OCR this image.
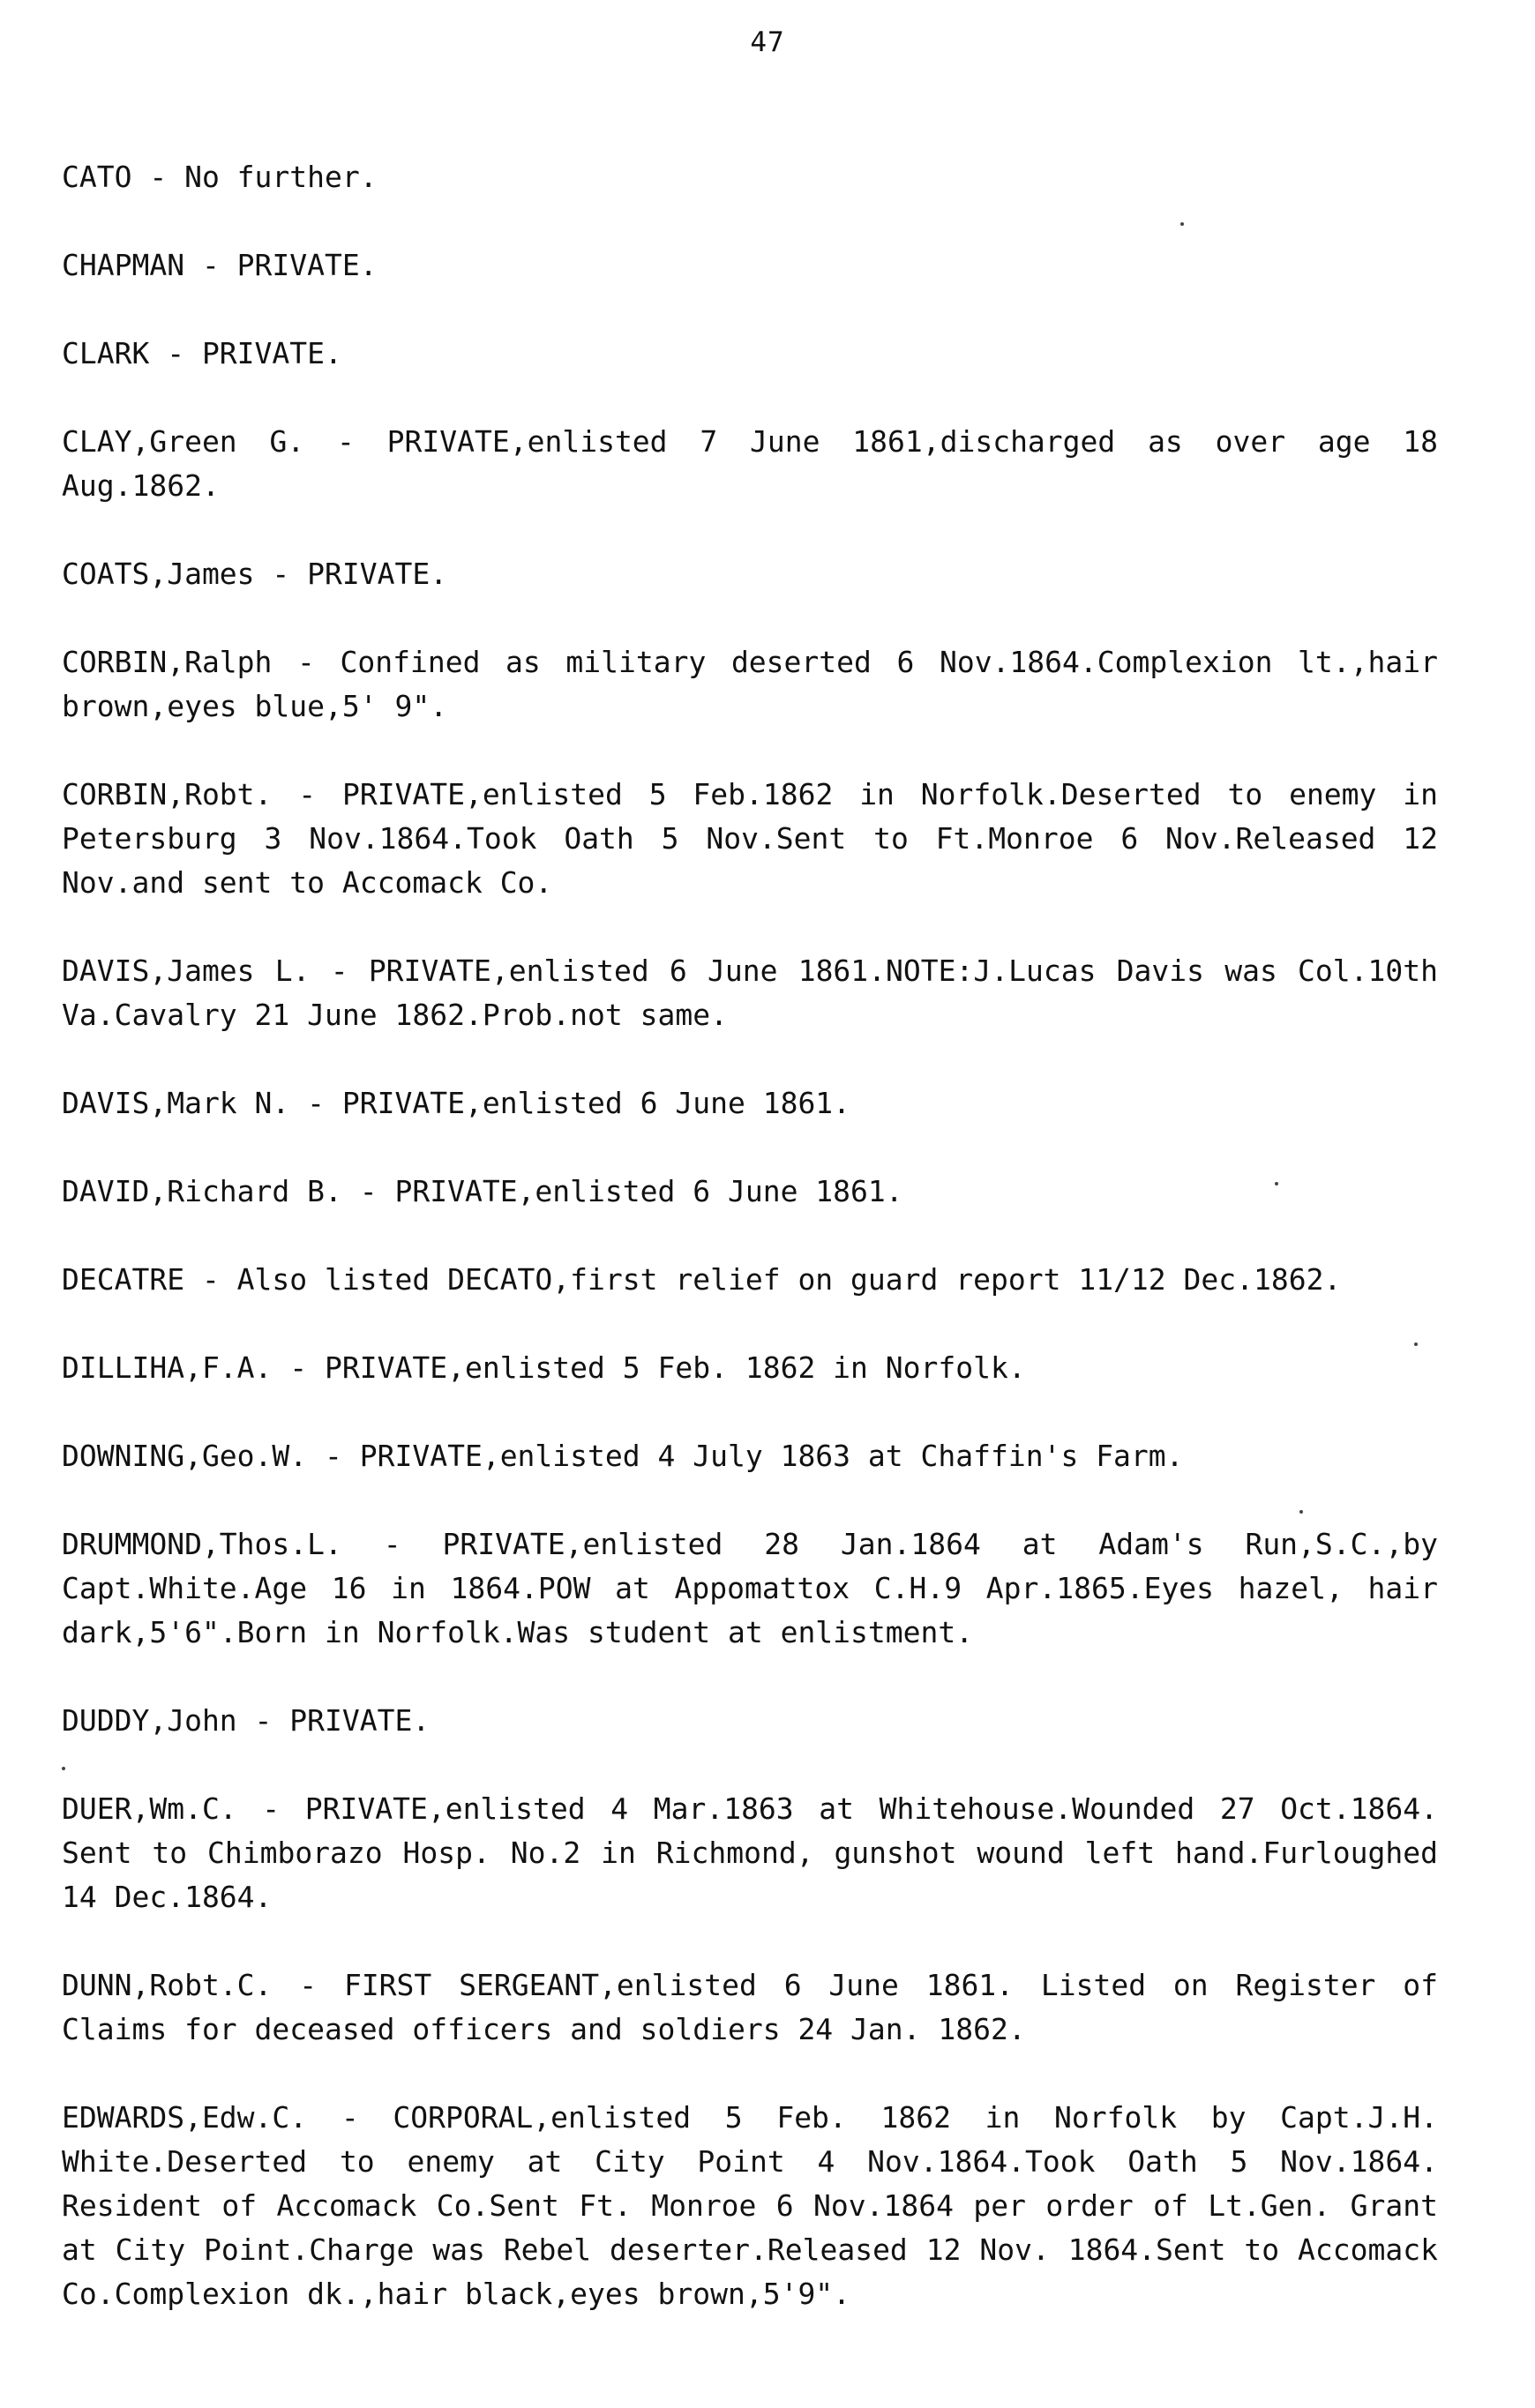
47

CATO - No further.

CHAPMAN - PRIVATE.

CLARK - PRIVATE.

CLAY,Green G. - PRIVATE,enlisted 7 June 1861,discharged as over age 18 Aug.1862.

COATS,James - PRIVATE.

CORBIN,Ralph - Confined as military deserted 6 Nov.1864.Complexion lt.,hair brown,eyes blue,5' 9".

CORBIN,Robt. - PRIVATE,enlisted 5 Feb.1862 in Norfolk.Deserted to enemy in Petersburg 3 Nov.1864.Took Oath 5 Nov.Sent to Ft.Monroe 6 Nov.Released 12 Nov.and sent to Accomack Co.

DAVIS,James L. - PRIVATE,enlisted 6 June 1861.NOTE:J.Lucas Davis was Col.10th Va.Cavalry 21 June 1862.Prob.not same.

DAVIS,Mark N. - PRIVATE,enlisted 6 June 1861.

DAVID,Richard B. - PRIVATE,enlisted 6 June 1861.

DECATRE - Also listed DECATO,first relief on guard report 11/12 Dec.1862.

DILLIHA,F.A. - PRIVATE,enlisted 5 Feb. 1862 in Norfolk.

DOWNING,Geo.W. - PRIVATE,enlisted 4 July 1863 at Chaffin's Farm.

DRUMMOND,Thos.L. - PRIVATE,enlisted 28 Jan.1864 at Adam's Run,S.C.,by Capt.White.Age 16 in 1864.POW at Appomattox C.H.9 Apr.1865.Eyes hazel, hair dark,5'6".Born in Norfolk.Was student at enlistment.

DUDDY,John - PRIVATE.

DUER,Wm.C. - PRIVATE,enlisted 4 Mar.1863 at Whitehouse.Wounded 27 Oct.1864. Sent to Chimborazo Hosp. No.2 in Richmond, gunshot wound left hand.Furloughed 14 Dec.1864.

DUNN,Robt.C. - FIRST SERGEANT,enlisted 6 June 1861. Listed on Register of Claims for deceased officers and soldiers 24 Jan. 1862.

EDWARDS,Edw.C. - CORPORAL,enlisted 5 Feb. 1862 in Norfolk by Capt.J.H. White.Deserted to enemy at City Point 4 Nov.1864.Took Oath 5 Nov.1864. Resident of Accomack Co.Sent Ft. Monroe 6 Nov.1864 per order of Lt.Gen. Grant at City Point.Charge was Rebel deserter.Released 12 Nov. 1864.Sent to Accomack Co.Complexion dk.,hair black,eyes brown,5'9".
